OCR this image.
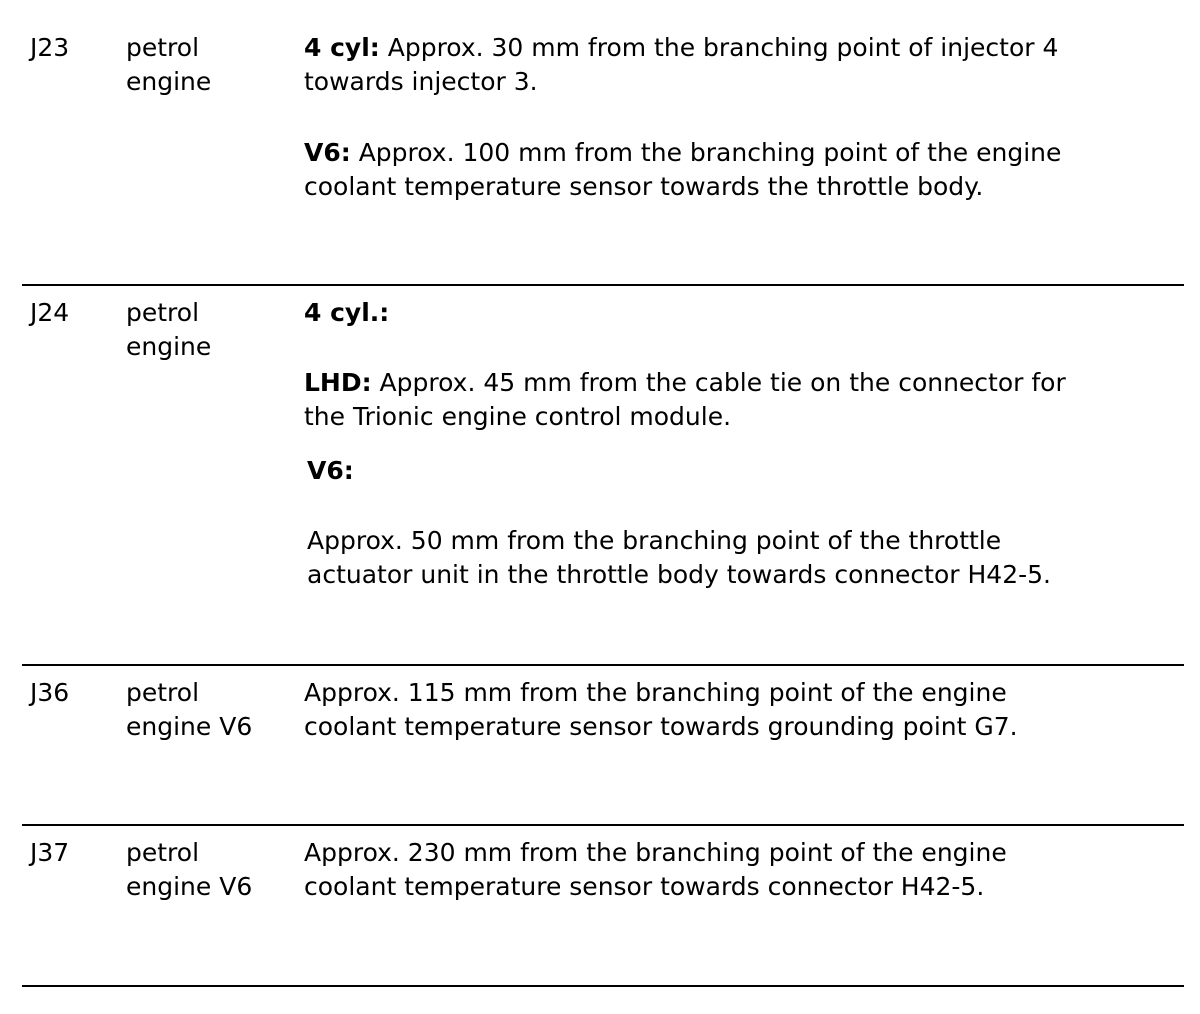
J23 petrol
engine

4 cyl: Approx. 30 mm from the branching point of injector 4
towards injector 3.

V6: Approx. 100 mm from the branching point of the engine
coolant temperature sensor towards the throttle body.

J24 petrol
engine

4 cyl.:

LHD: Approx. 45 mm from the cable tie on the connector for
the Trionic engine control module.

V6:

Approx. 50 mm from the branching point of the throttle
actuator unit in the throttle body towards connector H42-5.

J36 petrol
engine V6

Approx. 115 mm from the branching point of the engine
coolant temperature sensor towards grounding point G7.

J37 petrol
engine V6

Approx. 230 mm from the branching point of the engine
coolant temperature sensor towards connector H42-5.
